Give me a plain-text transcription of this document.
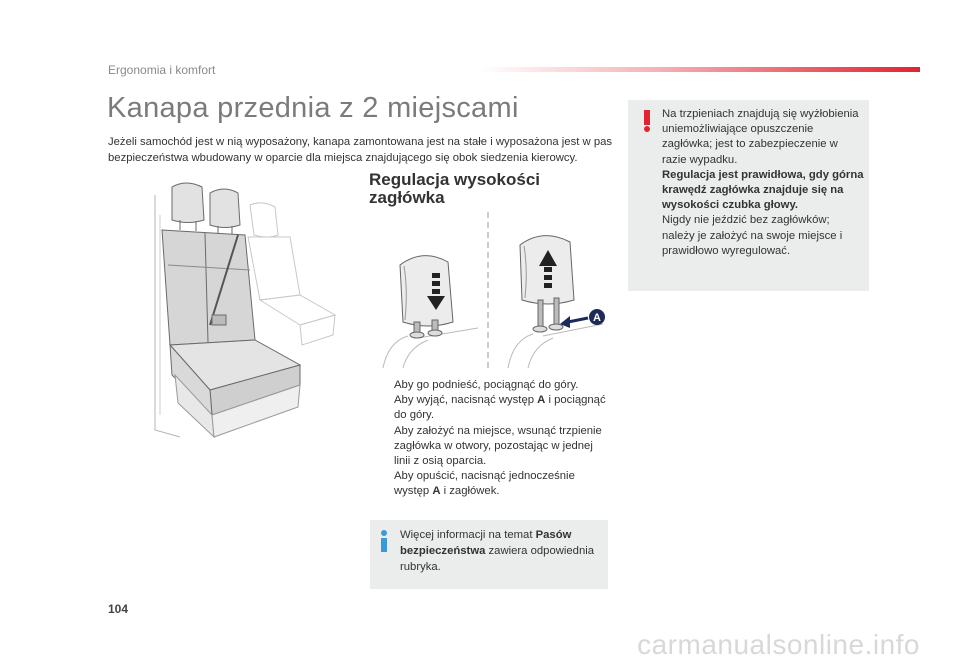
Ergonomia i komfort
Kanapa przednia z 2 miejscami
Jeżeli samochód jest w nią wyposażony, kanapa zamontowana jest na stałe i wyposażona jest w pas bezpieczeństwa wbudowany w oparcie dla miejsca znajdującego się obok siedzenia kierowcy.
Regulacja wysokości
zagłówka
A
Aby go podnieść, pociągnąć do góry.
Aby wyjąć, nacisnąć występ A i pociągnąć do góry.
Aby założyć na miejsce, wsunąć trzpienie zagłówka w otwory, pozostając w jednej linii z osią oparcia.
Aby opuścić, nacisnąć jednocześnie występ A i zagłówek.
Więcej informacji na temat Pasów bezpieczeństwa zawiera odpowiednia rubryka.
Na trzpieniach znajdują się wyżłobienia uniemożliwiające opuszczenie zagłówka; jest to zabezpieczenie w razie wypadku.
Regulacja jest prawidłowa, gdy górna krawędź zagłówka znajduje się na wysokości czubka głowy.
Nigdy nie jeździć bez zagłówków; należy je założyć na swoje miejsce i prawidłowo wyregulować.
104
carmanualsonline.info
